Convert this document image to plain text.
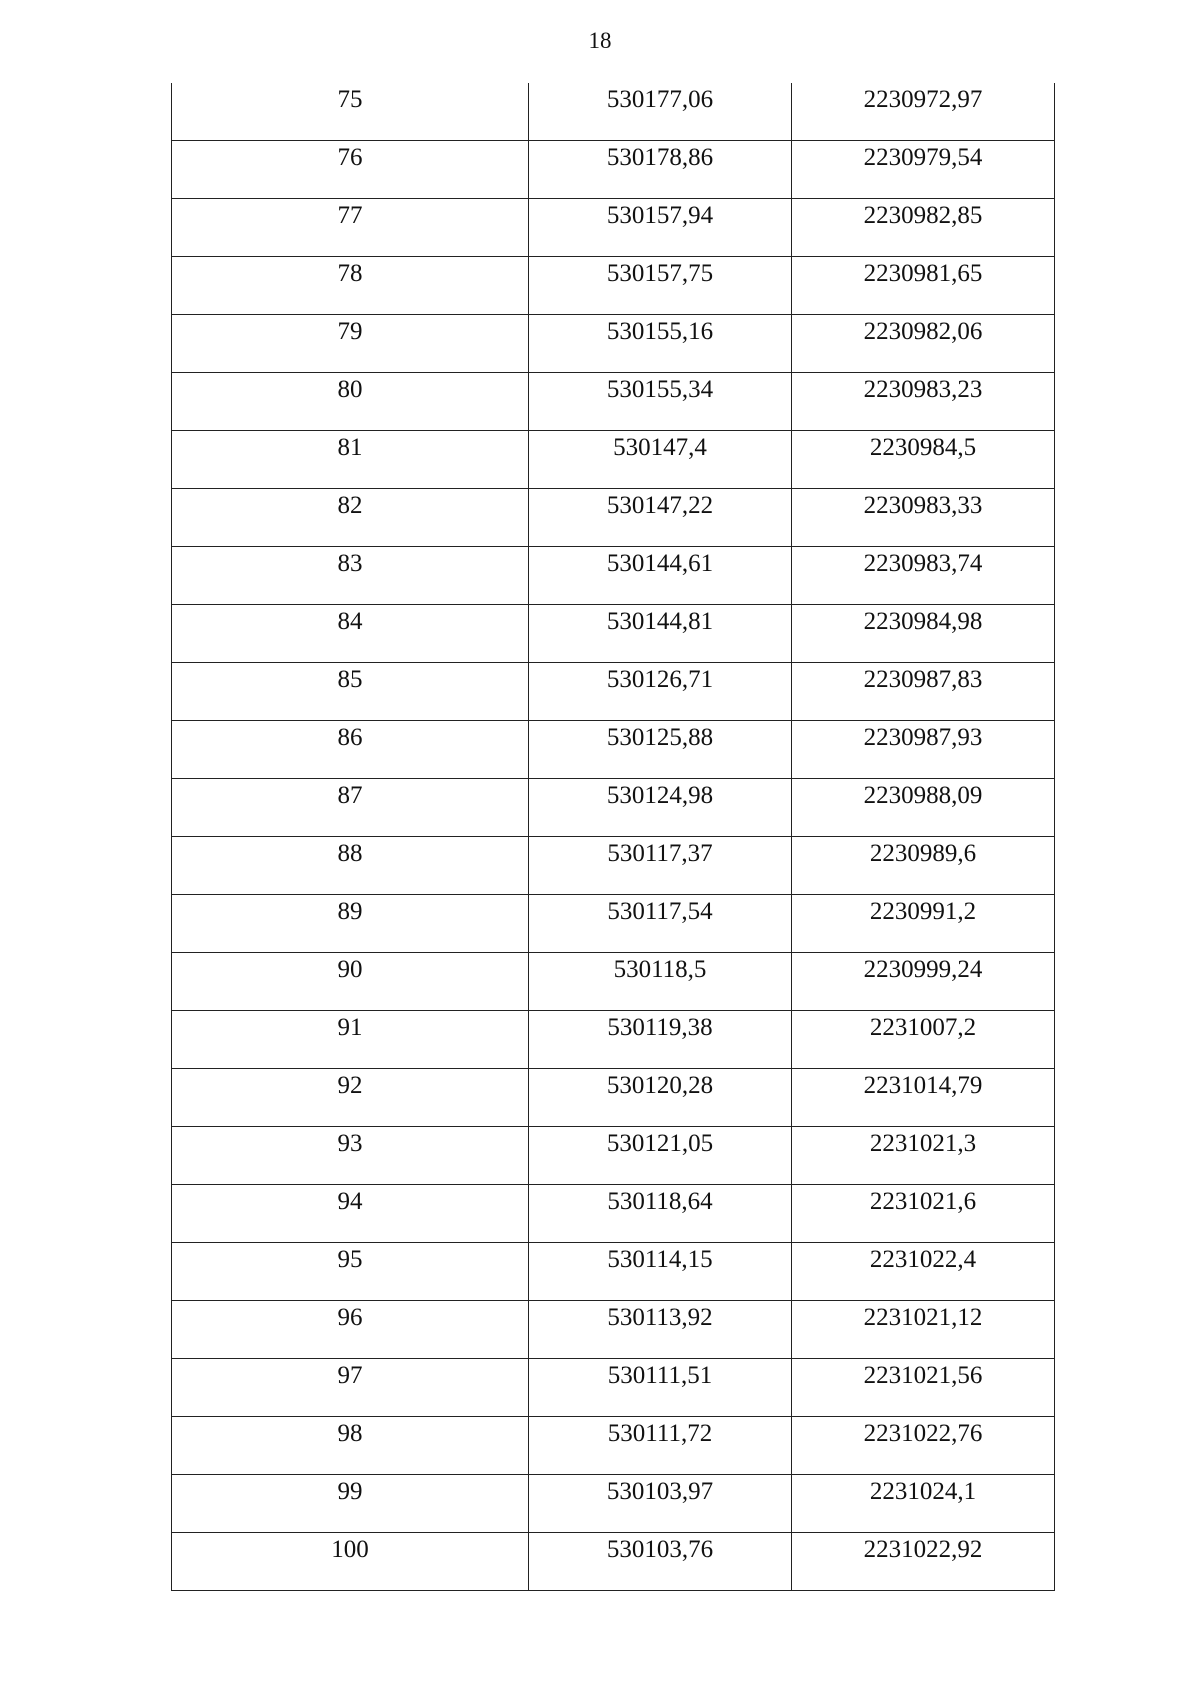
18
75	530177,06	2230972,97

76	530178,86	2230979,54

77	530157,94	2230982,85

78	530157,75	2230981,65

79	530155,16	2230982,06

80	530155,34	2230983,23

81	530147,4	2230984,5

82	530147,22	2230983,33

83	530144,61	2230983,74

84	530144,81	2230984,98

85	530126,71	2230987,83

86	530125,88	2230987,93

87	530124,98	2230988,09

88	530117,37	2230989,6

89	530117,54	2230991,2

90	530118,5	2230999,24

91	530119,38	2231007,2

92	530120,28	2231014,79

93	530121,05	2231021,3

94	530118,64	2231021,6

95	530114,15	2231022,4

96	530113,92	2231021,12

97	530111,51	2231021,56

98	530111,72	2231022,76

99	530103,97	2231024,1

100	530103,76	2231022,92
